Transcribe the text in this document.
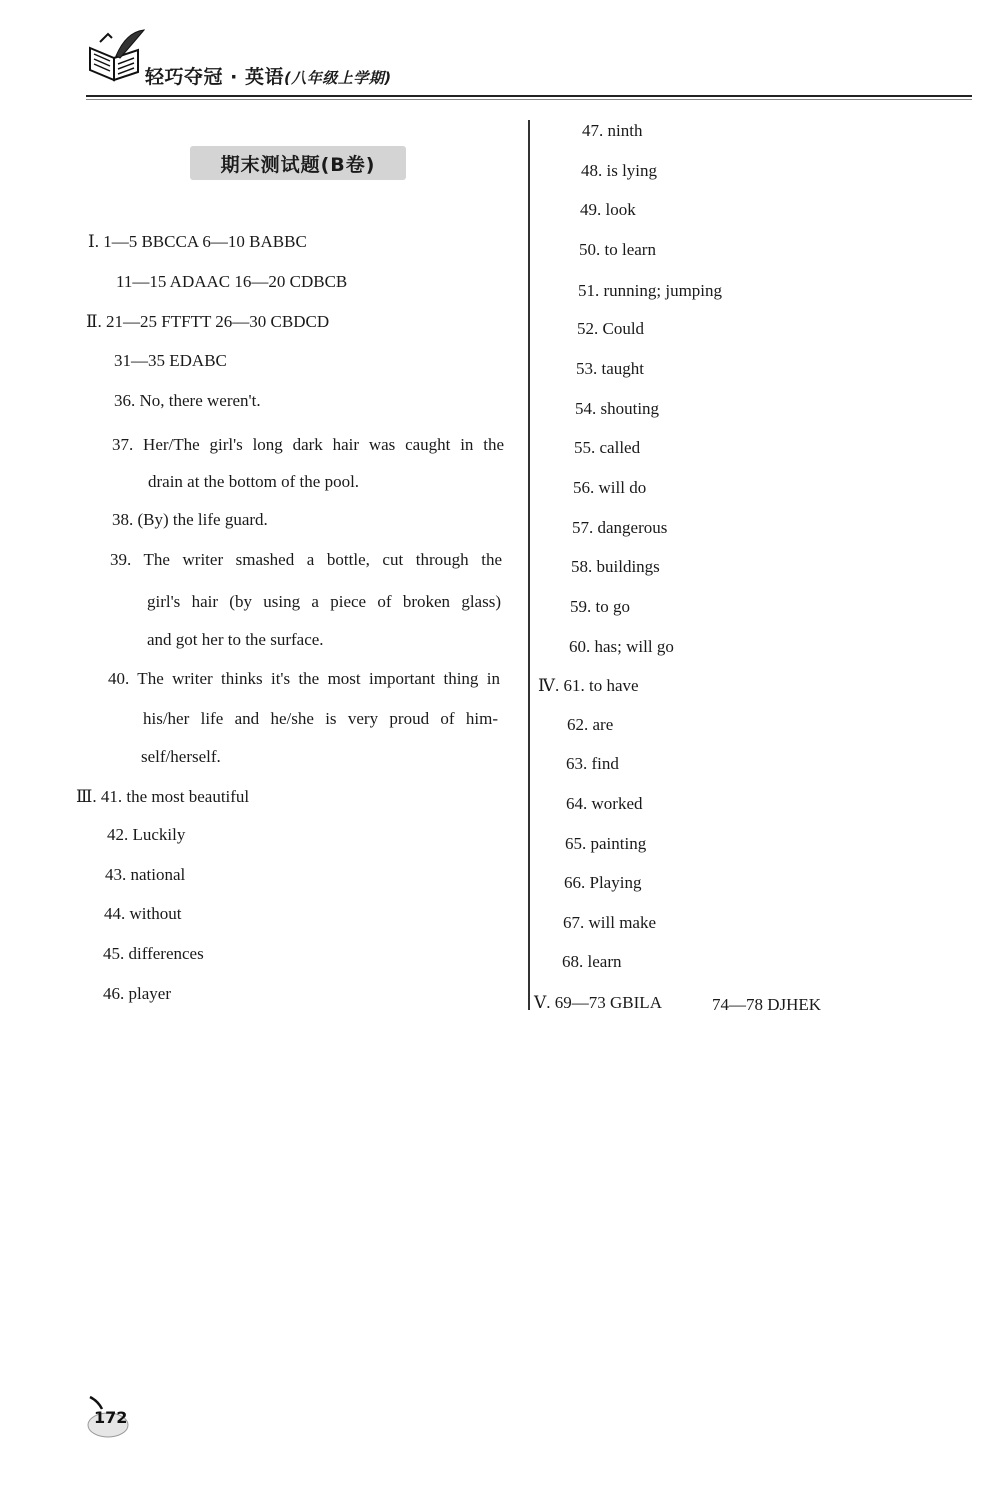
轻巧夺冠 · 英语(八年级上学期)
期末测试题(B卷)
Ⅰ. 1—5 BBCCA 6—10 BABBC
11—15 ADAAC 16—20 CDBCB
Ⅱ. 21—25 FTFTT 26—30 CBDCD
31—35 EDABC
36. No, there weren't.
37. Her/The girl's long dark hair was caught in the
drain at the bottom of the pool.
38. (By) the life guard.
39. The writer smashed a bottle, cut through the
girl's hair (by using a piece of broken glass)
and got her to the surface.
40. The writer thinks it's the most important thing in
his/her life and he/she is very proud of him-
self/herself.
Ⅲ. 41. the most beautiful
42. Luckily
43. national
44. without
45. differences
46. player
47. ninth
48. is lying
49. look
50. to learn
51. running; jumping
52. Could
53. taught
54. shouting
55. called
56. will do
57. dangerous
58. buildings
59. to go
60. has; will go
Ⅳ. 61. to have
62. are
63. find
64. worked
65. painting
66. Playing
67. will make
68. learn
Ⅴ. 69—73 GBILA	74—78 DJHEK
172
